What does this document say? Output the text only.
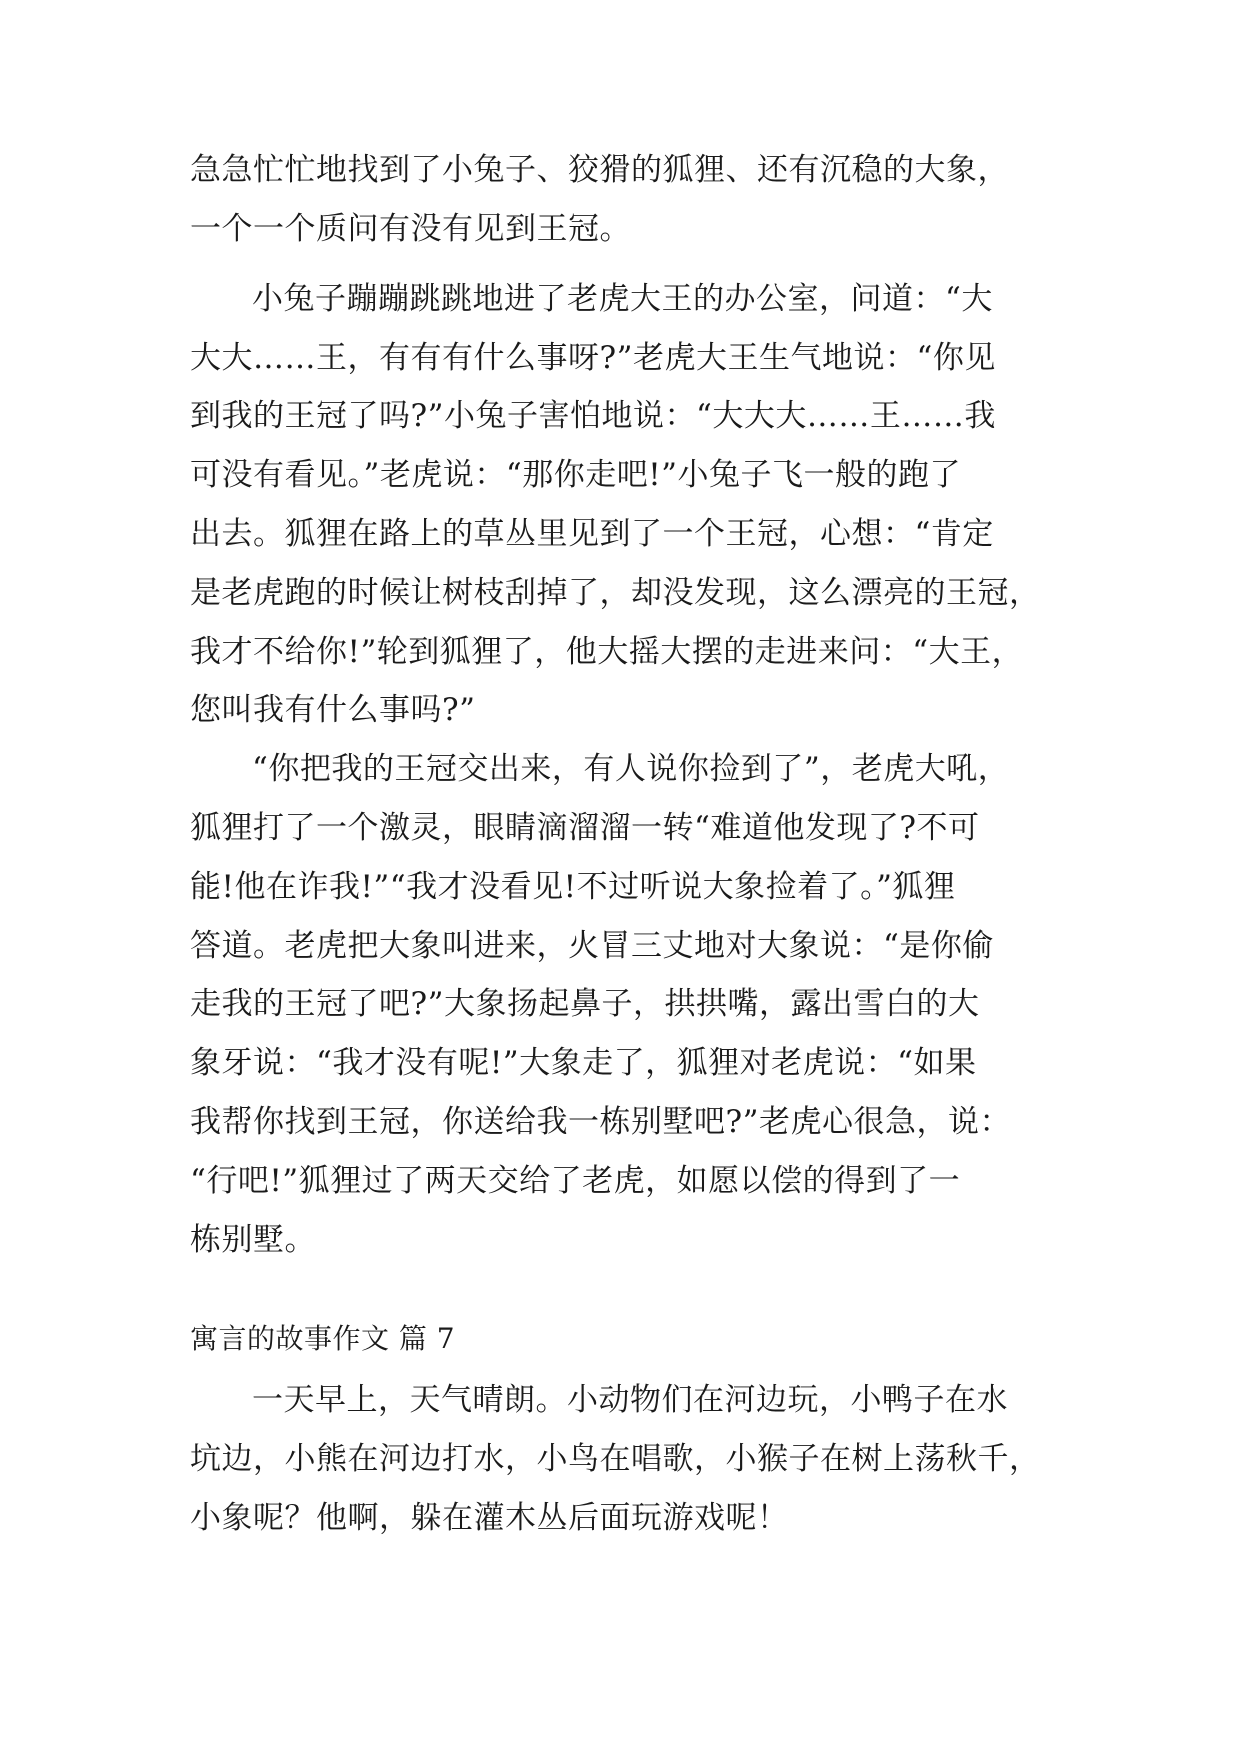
急急忙忙地找到了小兔子、狡猾的狐狸、还有沉稳的大象，
一个一个质问有没有见到王冠。
小兔子蹦蹦跳跳地进了老虎大王的办公室，问道：“大
大大……王，有有有什么事呀?”老虎大王生气地说：“你见
到我的王冠了吗?”小兔子害怕地说：“大大大……王……我
可没有看见。”老虎说：“那你走吧!”小兔子飞一般的跑了
出去。狐狸在路上的草丛里见到了一个王冠，心想：“肯定
是老虎跑的时候让树枝刮掉了，却没发现，这么漂亮的王冠，
我才不给你!”轮到狐狸了，他大摇大摆的走进来问：“大王，
您叫我有什么事吗?”
“你把我的王冠交出来，有人说你捡到了”，老虎大吼，
狐狸打了一个激灵，眼睛滴溜溜一转“难道他发现了?不可
能!他在诈我!”“我才没看见!不过听说大象捡着了。”狐狸
答道。老虎把大象叫进来，火冒三丈地对大象说：“是你偷
走我的王冠了吧?”大象扬起鼻子，拱拱嘴，露出雪白的大
象牙说：“我才没有呢!”大象走了，狐狸对老虎说：“如果
我帮你找到王冠，你送给我一栋别墅吧?”老虎心很急，说：
“行吧!”狐狸过了两天交给了老虎，如愿以偿的得到了一
栋别墅。
寓言的故事作文 篇 7
一天早上，天气晴朗。小动物们在河边玩，小鸭子在水
坑边，小熊在河边打水，小鸟在唱歌，小猴子在树上荡秋千，
小象呢？他啊，躲在灌木丛后面玩游戏呢！
